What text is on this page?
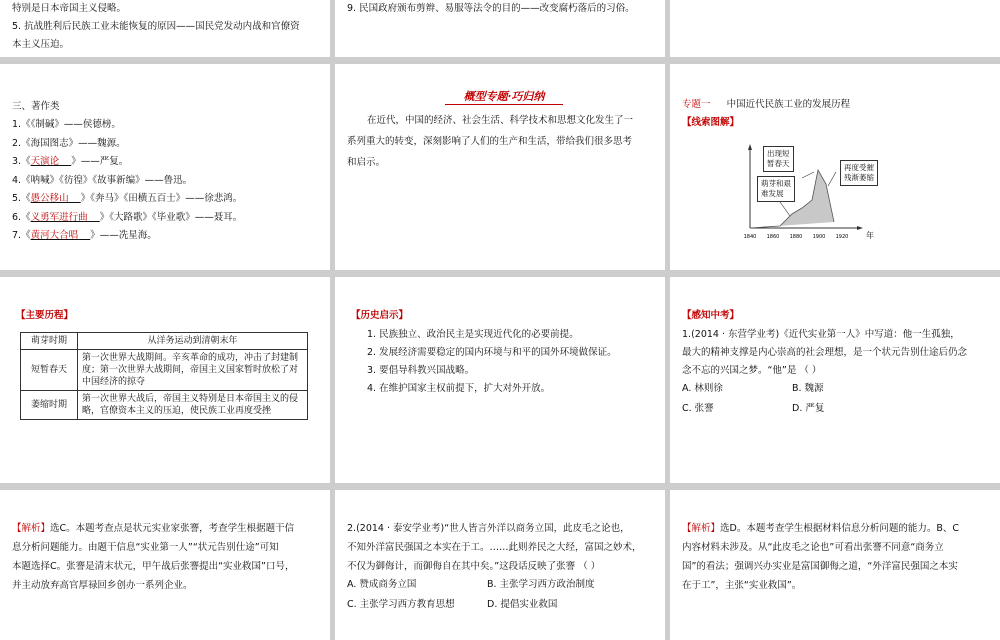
特别是日本帝国主义侵略。
5. 抗战胜利后民族工业未能恢复的原因——国民党发动内战和官僚资
本主义压迫。
9. 民国政府颁布剪辫、易服等法令的目的——改变腐朽落后的习俗。
三、著作类
1.《《制碱》——侯德榜。
2.《海国图志》——魏源。
3.《天演论 》——严复。
4.《呐喊》《彷徨》《故事新编》——鲁迅。
5.《愚公移山 》《奔马》《田横五百士》——徐悲鸿。
6.《义勇军进行曲 》《大路歌》《毕业歌》——聂耳。
7.《黄河大合唱 》——冼星海。
概型专题·巧归纳
在近代，中国的经济、社会生活、科学技术和思想文化发生了一
系列重大的转变，深刻影响了人们的生产和生活，带给我们很多思考
和启示。
专题一 中国近代民族工业的发展历程
【线索图解】
1840 1860 1880 1900 1920 年
出现短
暂春天
萌芽和艰
难发展
再度受摧
残渐萎缩
【主要历程】
萌芽时期	从洋务运动到清朝末年
短暂春天	第一次世界大战期间。辛亥革命的成功，冲击了封建制度；第一次世界大战期间，帝国主义国家暂时放松了对中国经济的掠夺
萎缩时期	第一次世界大战后，帝国主义特别是日本帝国主义的侵略，官僚资本主义的压迫，使民族工业再度受挫
【历史启示】
1. 民族独立、政治民主是实现近代化的必要前提。
2. 发展经济需要稳定的国内环境与和平的国外环境做保证。
3. 要倡导科教兴国战略。
4. 在维护国家主权前提下，扩大对外开放。
【感知中考】
1.(2014 · 东营学业考)《近代实业第一人》中写道：他一生孤独，
最大的精神支撑是内心崇高的社会理想，是一个状元告别仕途后仍念
念不忘的兴国之梦。“他”是 （ ）
A. 林则徐	B. 魏源
C. 张謇	D. 严复
【解析】选C。本题考查点是状元实业家张謇，考查学生根据题干信
息分析问题能力。由题干信息“实业第一人”“状元告别仕途”可知
本题选择C。张謇是清末状元，甲午战后张謇提出“实业救国”口号，
并主动放弃高官厚禄回乡创办一系列企业。
2.(2014 · 泰安学业考)“世人皆言外洋以商务立国，此皮毛之论也，
不知外洋富民强国之本实在于工。……此则养民之大经，富国之妙术，
不仅为御侮计，而御侮自在其中矣。”这段话反映了张謇 （ ）
A. 赞成商务立国	B. 主张学习西方政治制度
C. 主张学习西方教育思想	D. 提倡实业救国
【解析】选D。本题考查学生根据材料信息分析问题的能力。B、C
内容材料未涉及。从“此皮毛之论也”可看出张謇不同意“商务立
国”的看法；强调兴办实业是富国御侮之道，“外洋富民强国之本实
在于工”，主张“实业救国”。
